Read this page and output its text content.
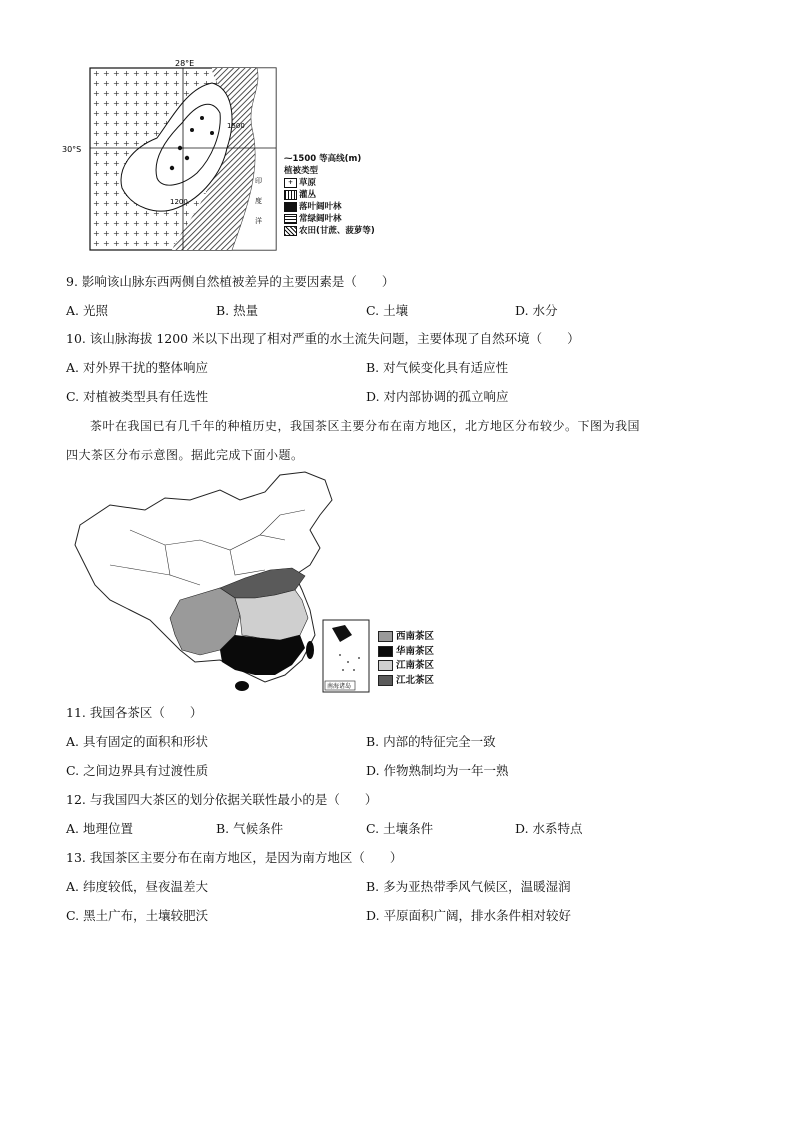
28°E
30°S
1500
1200
印
度
洋
⁓1500 等高线(m)
植被类型
+ 草原
灌丛
落叶阔叶林
常绿阔叶林
农田(甘蔗、菠萝等)
9. 影响该山脉东西两侧自然植被差异的主要因素是（　　）
A. 光照	B. 热量	C. 土壤	D. 水分
10. 该山脉海拔 1200 米以下出现了相对严重的水土流失问题，主要体现了自然环境（　　）
A. 对外界干扰的整体响应	B. 对气候变化具有适应性
C. 对植被类型具有任选性	D. 对内部协调的孤立响应
茶叶在我国已有几千年的种植历史，我国茶区主要分布在南方地区，北方地区分布较少。下图为我国
四大茶区分布示意图。据此完成下面小题。
南海诸岛
西南茶区
华南茶区
江南茶区
江北茶区
11. 我国各茶区（　　）
A. 具有固定的面积和形状	B. 内部的特征完全一致
C. 之间边界具有过渡性质	D. 作物熟制均为一年一熟
12. 与我国四大茶区的划分依据关联性最小的是（　　）
A. 地理位置	B. 气候条件	C. 土壤条件	D. 水系特点
13. 我国茶区主要分布在南方地区，是因为南方地区（　　）
A. 纬度较低，昼夜温差大	B. 多为亚热带季风气候区，温暖湿润
C. 黑土广布，土壤较肥沃	D. 平原面积广阔，排水条件相对较好
